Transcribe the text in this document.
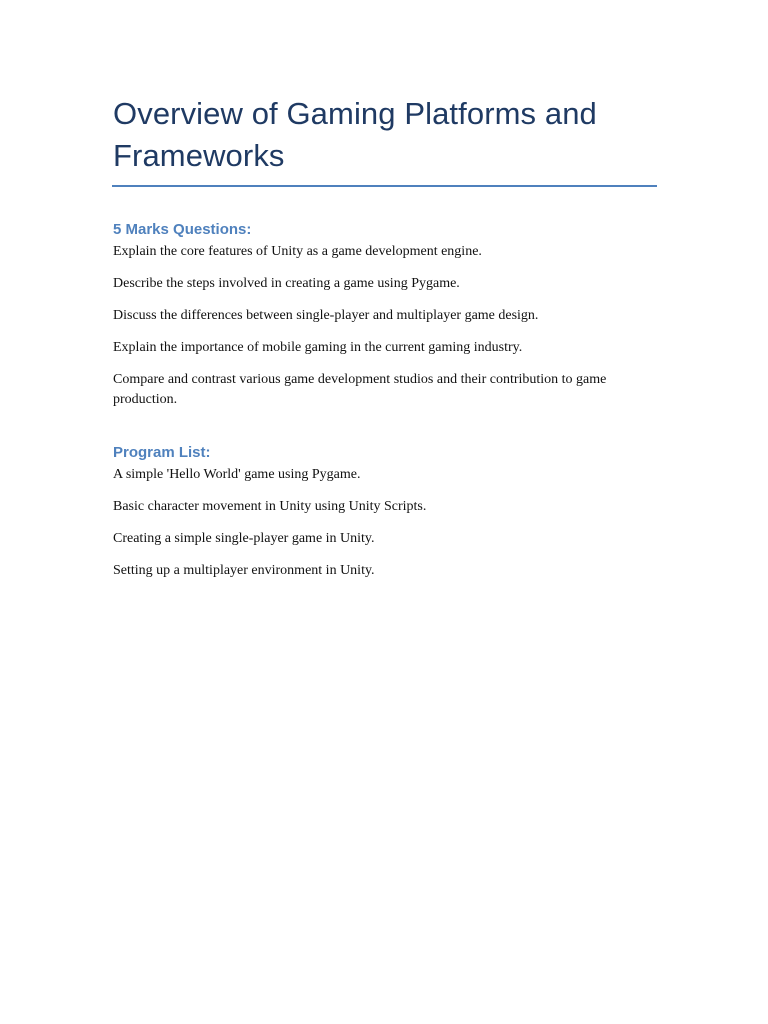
Overview of Gaming Platforms and Frameworks
5 Marks Questions:
Explain the core features of Unity as a game development engine.
Describe the steps involved in creating a game using Pygame.
Discuss the differences between single-player and multiplayer game design.
Explain the importance of mobile gaming in the current gaming industry.
Compare and contrast various game development studios and their contribution to game production.
Program List:
A simple 'Hello World' game using Pygame.
Basic character movement in Unity using Unity Scripts.
Creating a simple single-player game in Unity.
Setting up a multiplayer environment in Unity.
